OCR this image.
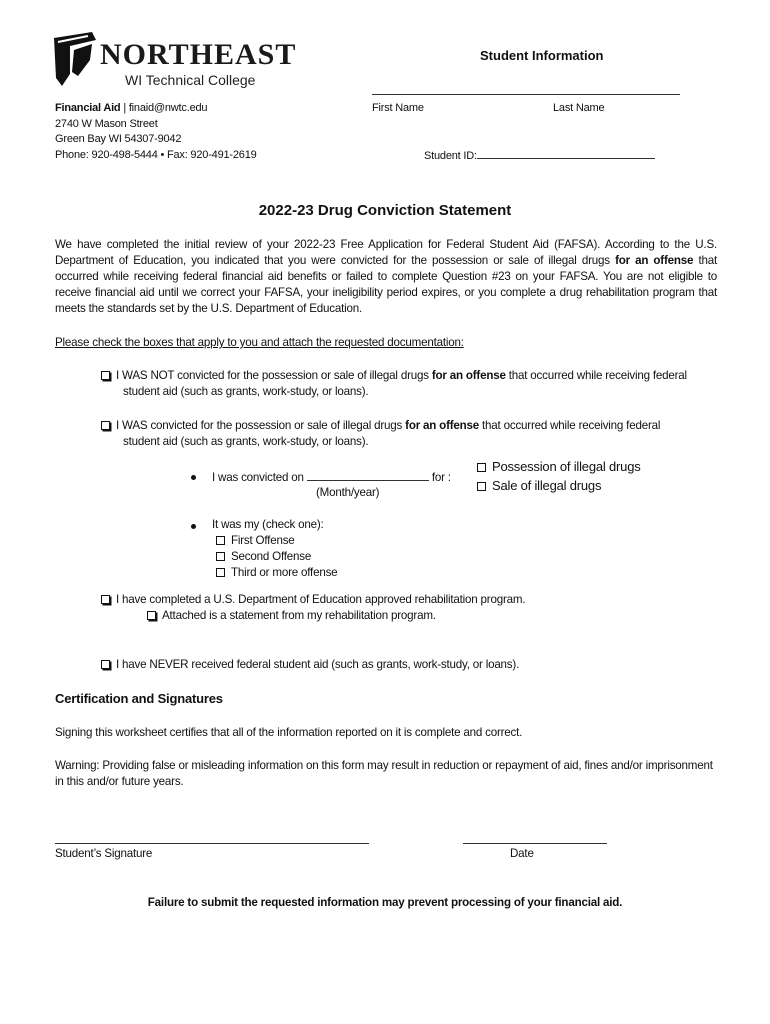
NORTHEAST
WI Technical College
Financial Aid | finaid@nwtc.edu
2740 W Mason Street
Green Bay WI 54307-9042
Phone: 920-498-5444 • Fax: 920-491-2619
Student Information
First Name	Last Name
Student ID:
2022-23 Drug Conviction Statement
We have completed the initial review of your 2022-23 Free Application for Federal Student Aid (FAFSA). According to the U.S. Department of Education, you indicated that you were convicted for the possession or sale of illegal drugs for an offense that occurred while receiving federal financial aid benefits or failed to complete Question #23 on your FAFSA. You are not eligible to receive financial aid until we correct your FAFSA, your ineligibility period expires, or you complete a drug rehabilitation program that meets the standards set by the U.S. Department of Education.
Please check the boxes that apply to you and attach the requested documentation:
I WAS NOT convicted for the possession or sale of illegal drugs for an offense that occurred while receiving federal
student aid (such as grants, work-study, or loans).
I WAS convicted for the possession or sale of illegal drugs for an offense that occurred while receiving federal
student aid (such as grants, work-study, or loans).
I was convicted on	for :
(Month/year)
Possession of illegal drugs
Sale of illegal drugs
It was my (check one):
First Offense
Second Offense
Third or more offense
I have completed a U.S. Department of Education approved rehabilitation program.
Attached is a statement from my rehabilitation program.
I have NEVER received federal student aid (such as grants, work-study, or loans).
Certification and Signatures
Signing this worksheet certifies that all of the information reported on it is complete and correct.
Warning: Providing false or misleading information on this form may result in reduction or repayment of aid, fines and/or imprisonment in this and/or future years.
Student’s Signature	Date
Failure to submit the requested information may prevent processing of your financial aid.
